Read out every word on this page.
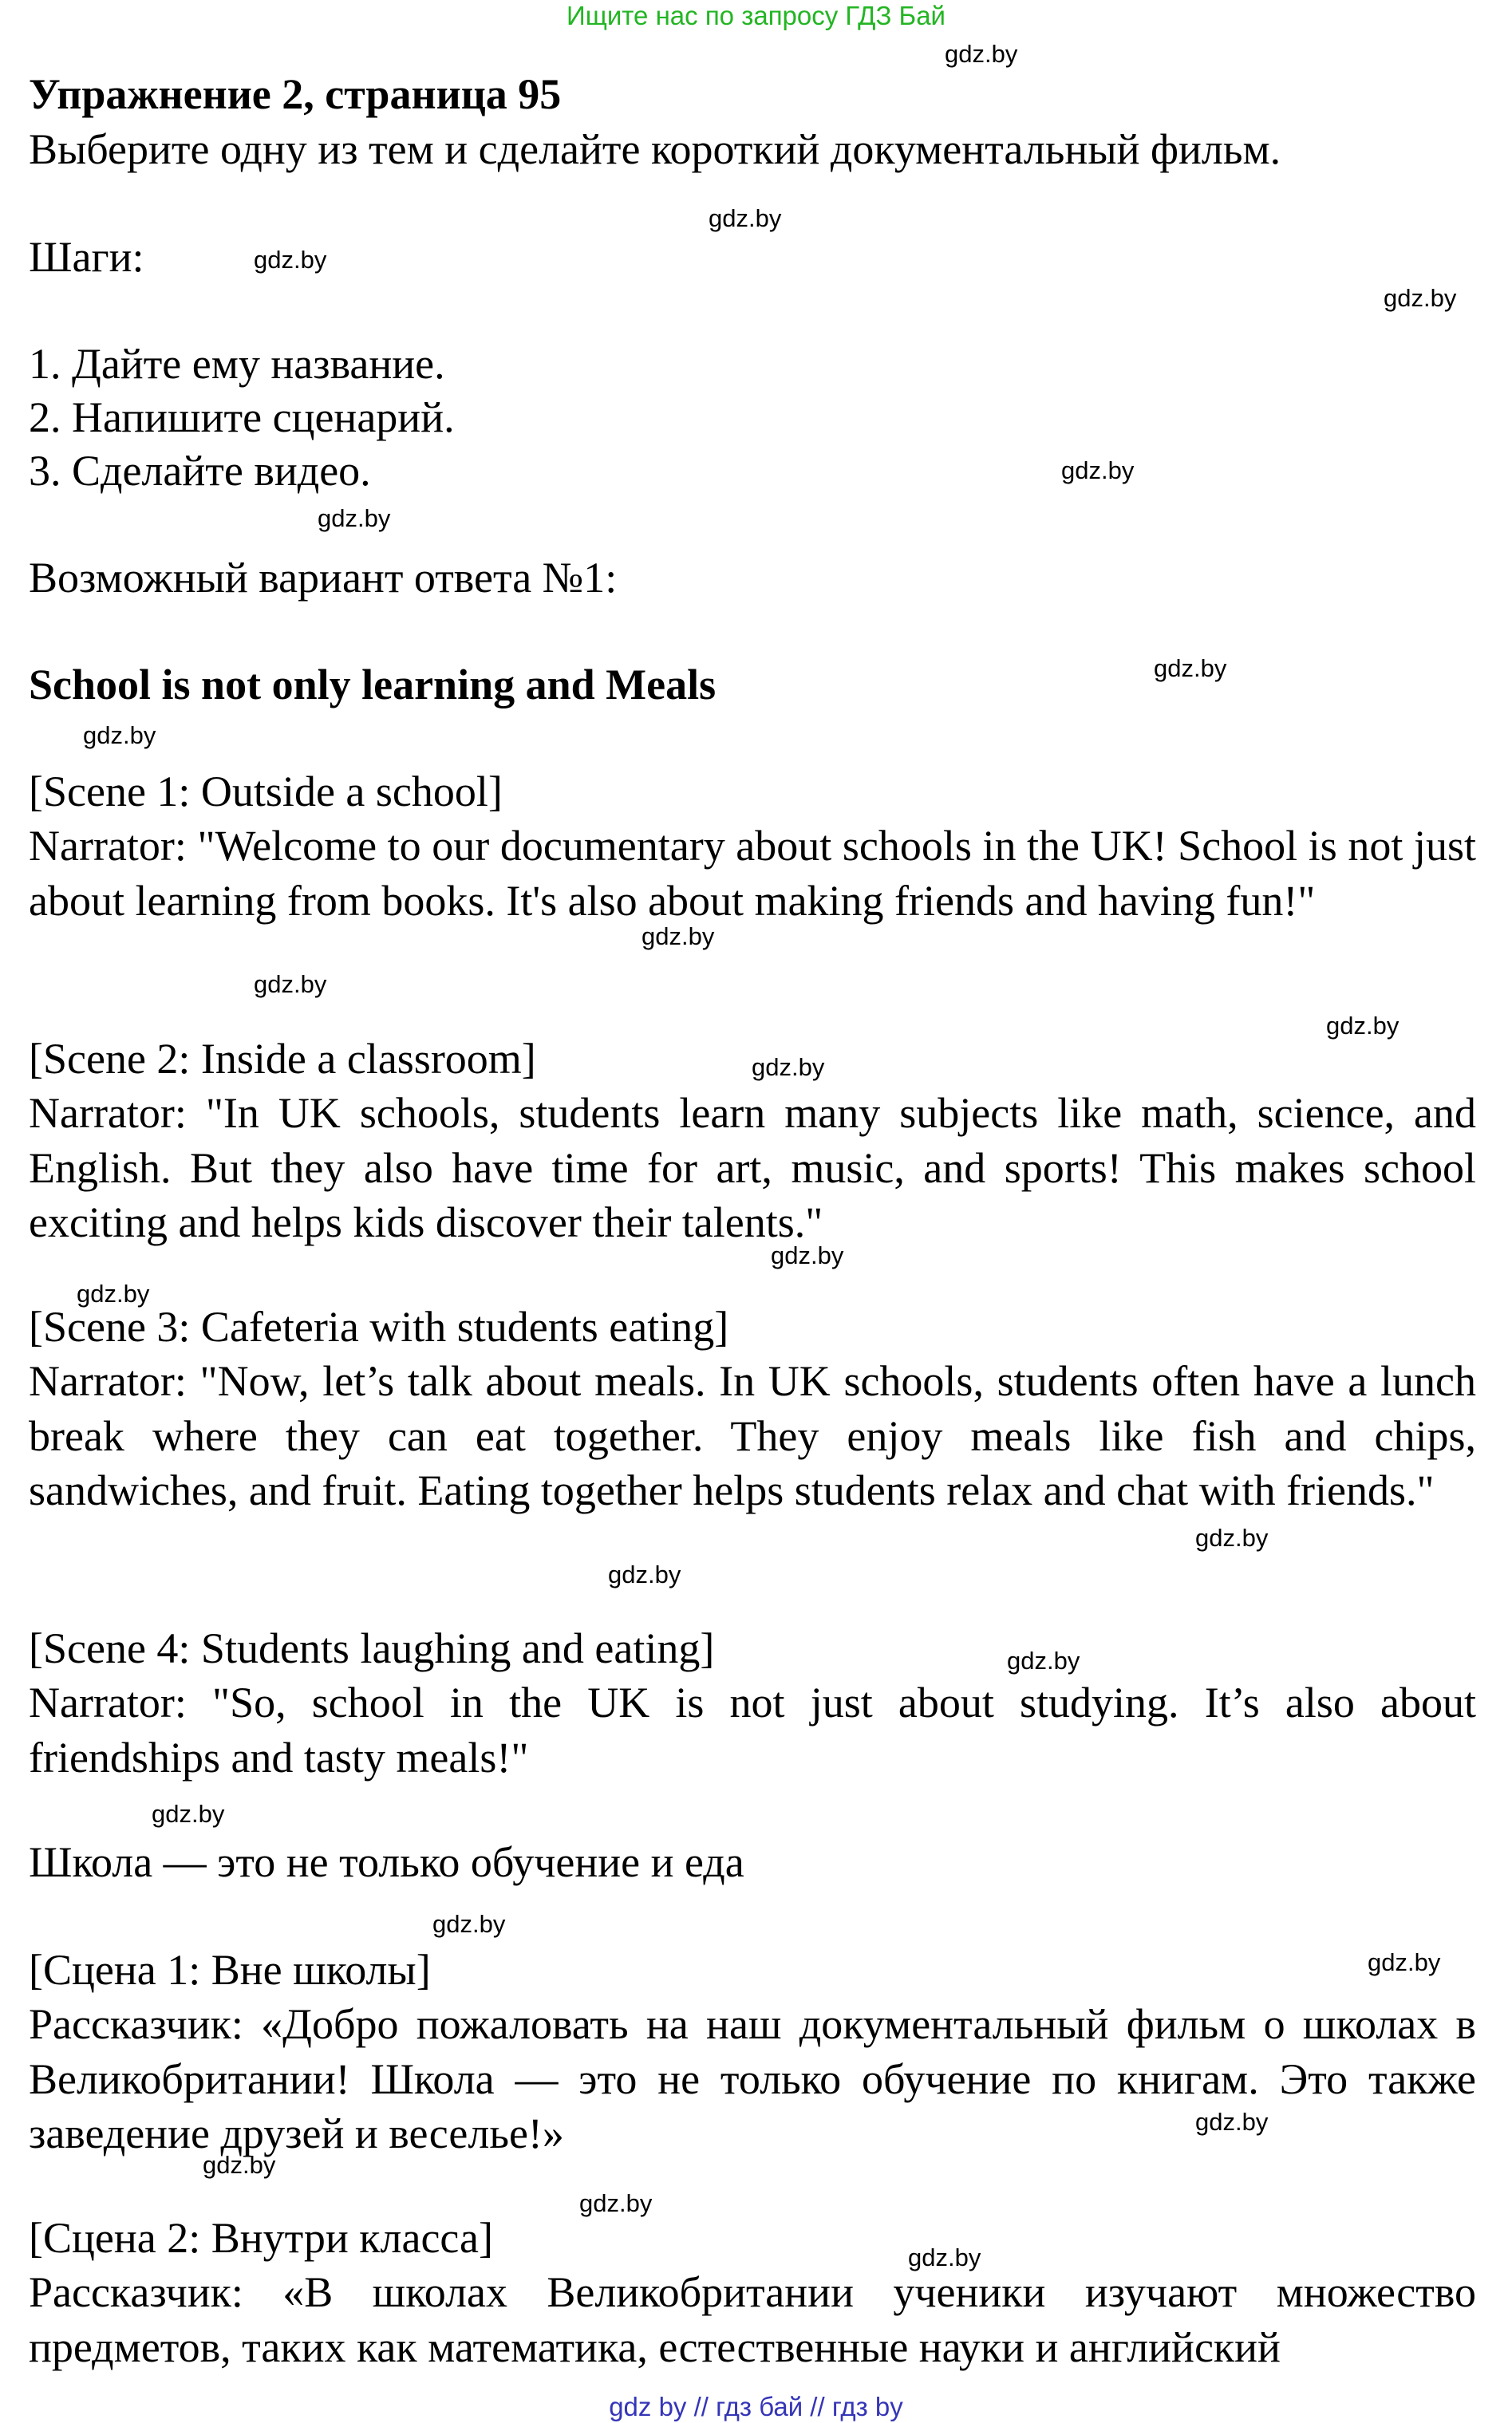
Ищите нас по запросу ГДЗ Бай
Упражнение 2, страница 95
Выберите одну из тем и сделайте короткий документальный фильм.
Шаги:
1. Дайте ему название.
2. Напишите сценарий.
3. Сделайте видео.
Возможный вариант ответа №1:
School is not only learning and Meals
[Scene 1: Outside a school]
Narrator: "Welcome to our documentary about schools in the UK! School is not just about learning from books. It's also about making friends and having fun!"
[Scene 2: Inside a classroom]
Narrator: "In UK schools, students learn many subjects like math, science, and English. But they also have time for art, music, and sports! This makes school exciting and helps kids discover their talents."
[Scene 3: Cafeteria with students eating]
Narrator: "Now, let’s talk about meals. In UK schools, students often have a lunch break where they can eat together. They enjoy meals like fish and chips, sandwiches, and fruit. Eating together helps students relax and chat with friends."
[Scene 4: Students laughing and eating]
Narrator: "So, school in the UK is not just about studying. It’s also about friendships and tasty meals!"
Школа — это не только обучение и еда
[Сцена 1: Вне школы]
Рассказчик: «Добро пожаловать на наш документальный фильм о школах в Великобритании! Школа — это не только обучение по книгам. Это также заведение друзей и веселье!»
[Сцена 2: Внутри класса]
Рассказчик: «В школах Великобритании ученики изучают множество предметов, таких как математика, естественные науки и английский
gdz.by
gdz.by
gdz.by
gdz.by
gdz.by
gdz.by
gdz.by
gdz.by
gdz.by
gdz.by
gdz.by
gdz.by
gdz.by
gdz.by
gdz.by
gdz.by
gdz.by
gdz.by
gdz.by
gdz.by
gdz.by
gdz.by
gdz.by
gdz.by
gdz by // гдз бай // гдз by
